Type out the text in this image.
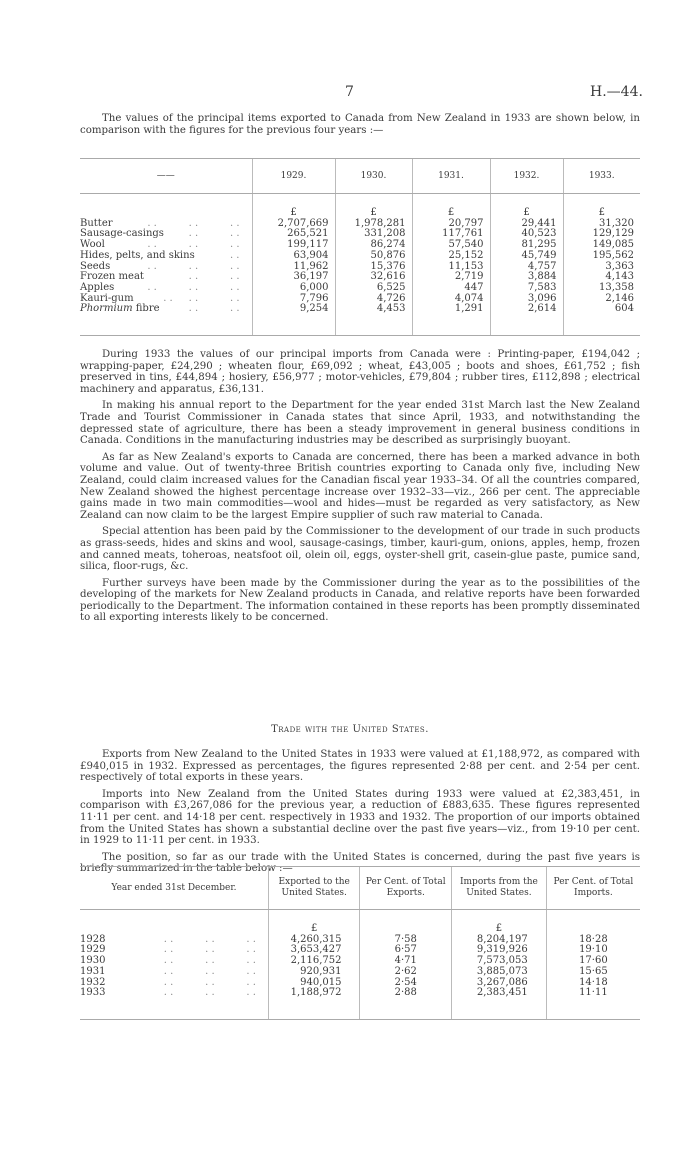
7	H.—44.

The values of the principal items exported to Canada from New Zealand in 1933 are shown below, in comparison with the figures for the previous four years :—

——	1929.	1930.	1931.	1932.	1933.
	£	£	£	£	£
Butter . .          . .          . .	2,707,669	1,978,281	20,797	29,441	31,320
Sausage-casings . .          . .	265,521	331,208	117,761	40,523	129,129
Wool . .          . .          . .	199,117	86,274	57,540	81,295	149,085
Hides, pelts, and skins . .	63,904	50,876	25,152	45,749	195,562
Seeds . .          . .          . .	11,962	15,376	11,153	4,757	3,363
Frozen meat . .          . .	36,197	32,616	2,719	3,884	4,143
Apples . .          . .          . .	6,000	6,525	447	7,583	13,358
Kauri-gum . .     . .          . .	7,796	4,726	4,074	3,096	2,146
Phormium fibre . .          . .	9,254	4,453	1,291	2,614	604

During 1933 the values of our principal imports from Canada were : Printing-paper, £194,042 ; wrapping-paper, £24,290 ; wheaten flour, £69,092 ; wheat, £43,005 ; boots and shoes, £61,752 ; fish preserved in tins, £44,894 ; hosiery, £56,977 ; motor-vehicles, £79,804 ; rubber tires, £112,898 ; electrical machinery and apparatus, £36,131.

In making his annual report to the Department for the year ended 31st March last the New Zealand Trade and Tourist Commissioner in Canada states that since April, 1933, and notwithstanding the depressed state of agriculture, there has been a steady improvement in general business conditions in Canada. Conditions in the manufacturing industries may be described as surprisingly buoyant.

As far as New Zealand's exports to Canada are concerned, there has been a marked advance in both volume and value. Out of twenty-three British countries exporting to Canada only five, including New Zealand, could claim increased values for the Canadian fiscal year 1933–34. Of all the countries compared, New Zealand showed the highest percentage increase over 1932–33—viz., 266 per cent. The appreciable gains made in two main commodities—wool and hides—must be regarded as very satisfactory, as New Zealand can now claim to be the largest Empire supplier of such raw material to Canada.

Special attention has been paid by the Commissioner to the development of our trade in such products as grass-seeds, hides and skins and wool, sausage-casings, timber, kauri-gum, onions, apples, hemp, frozen and canned meats, toheroas, neatsfoot oil, olein oil, eggs, oyster-shell grit, casein-glue paste, pumice sand, silica, floor-rugs, &c.

Further surveys have been made by the Commissioner during the year as to the possibilities of the developing of the markets for New Zealand products in Canada, and relative reports have been forwarded periodically to the Department. The information contained in these reports has been promptly disseminated to all exporting interests likely to be concerned.

Trade with the United States.

Exports from New Zealand to the United States in 1933 were valued at £1,188,972, as compared with £940,015 in 1932. Expressed as percentages, the figures represented 2·88 per cent. and 2·54 per cent. respectively of total exports in these years.

Imports into New Zealand from the United States during 1933 were valued at £2,383,451, in comparison with £3,267,086 for the previous year, a reduction of £883,635. These figures represented 11·11 per cent. and 14·18 per cent. respectively in 1933 and 1932. The proportion of our imports obtained from the United States has shown a substantial decline over the past five years—viz., from 19·10 per cent. in 1929 to 11·11 per cent. in 1933.

The position, so far as our trade with the United States is concerned, during the past five years is briefly summarized in the table below :—

Year ended 31st December.	Exported to the United States.	Per Cent. of Total Exports.	Imports from the United States.	Per Cent. of Total Imports.
	£		£	
1928 . .          . .          . .	4,260,315	7·58	8,204,197	18·28
1929 . .          . .          . .	3,653,427	6·57	9,319,926	19·10
1930 . .          . .          . .	2,116,752	4·71	7,573,053	17·60
1931 . .          . .          . .	920,931	2·62	3,885,073	15·65
1932 . .          . .          . .	940,015	2·54	3,267,086	14·18
1933 . .          . .          . .	1,188,972	2·88	2,383,451	11·11
